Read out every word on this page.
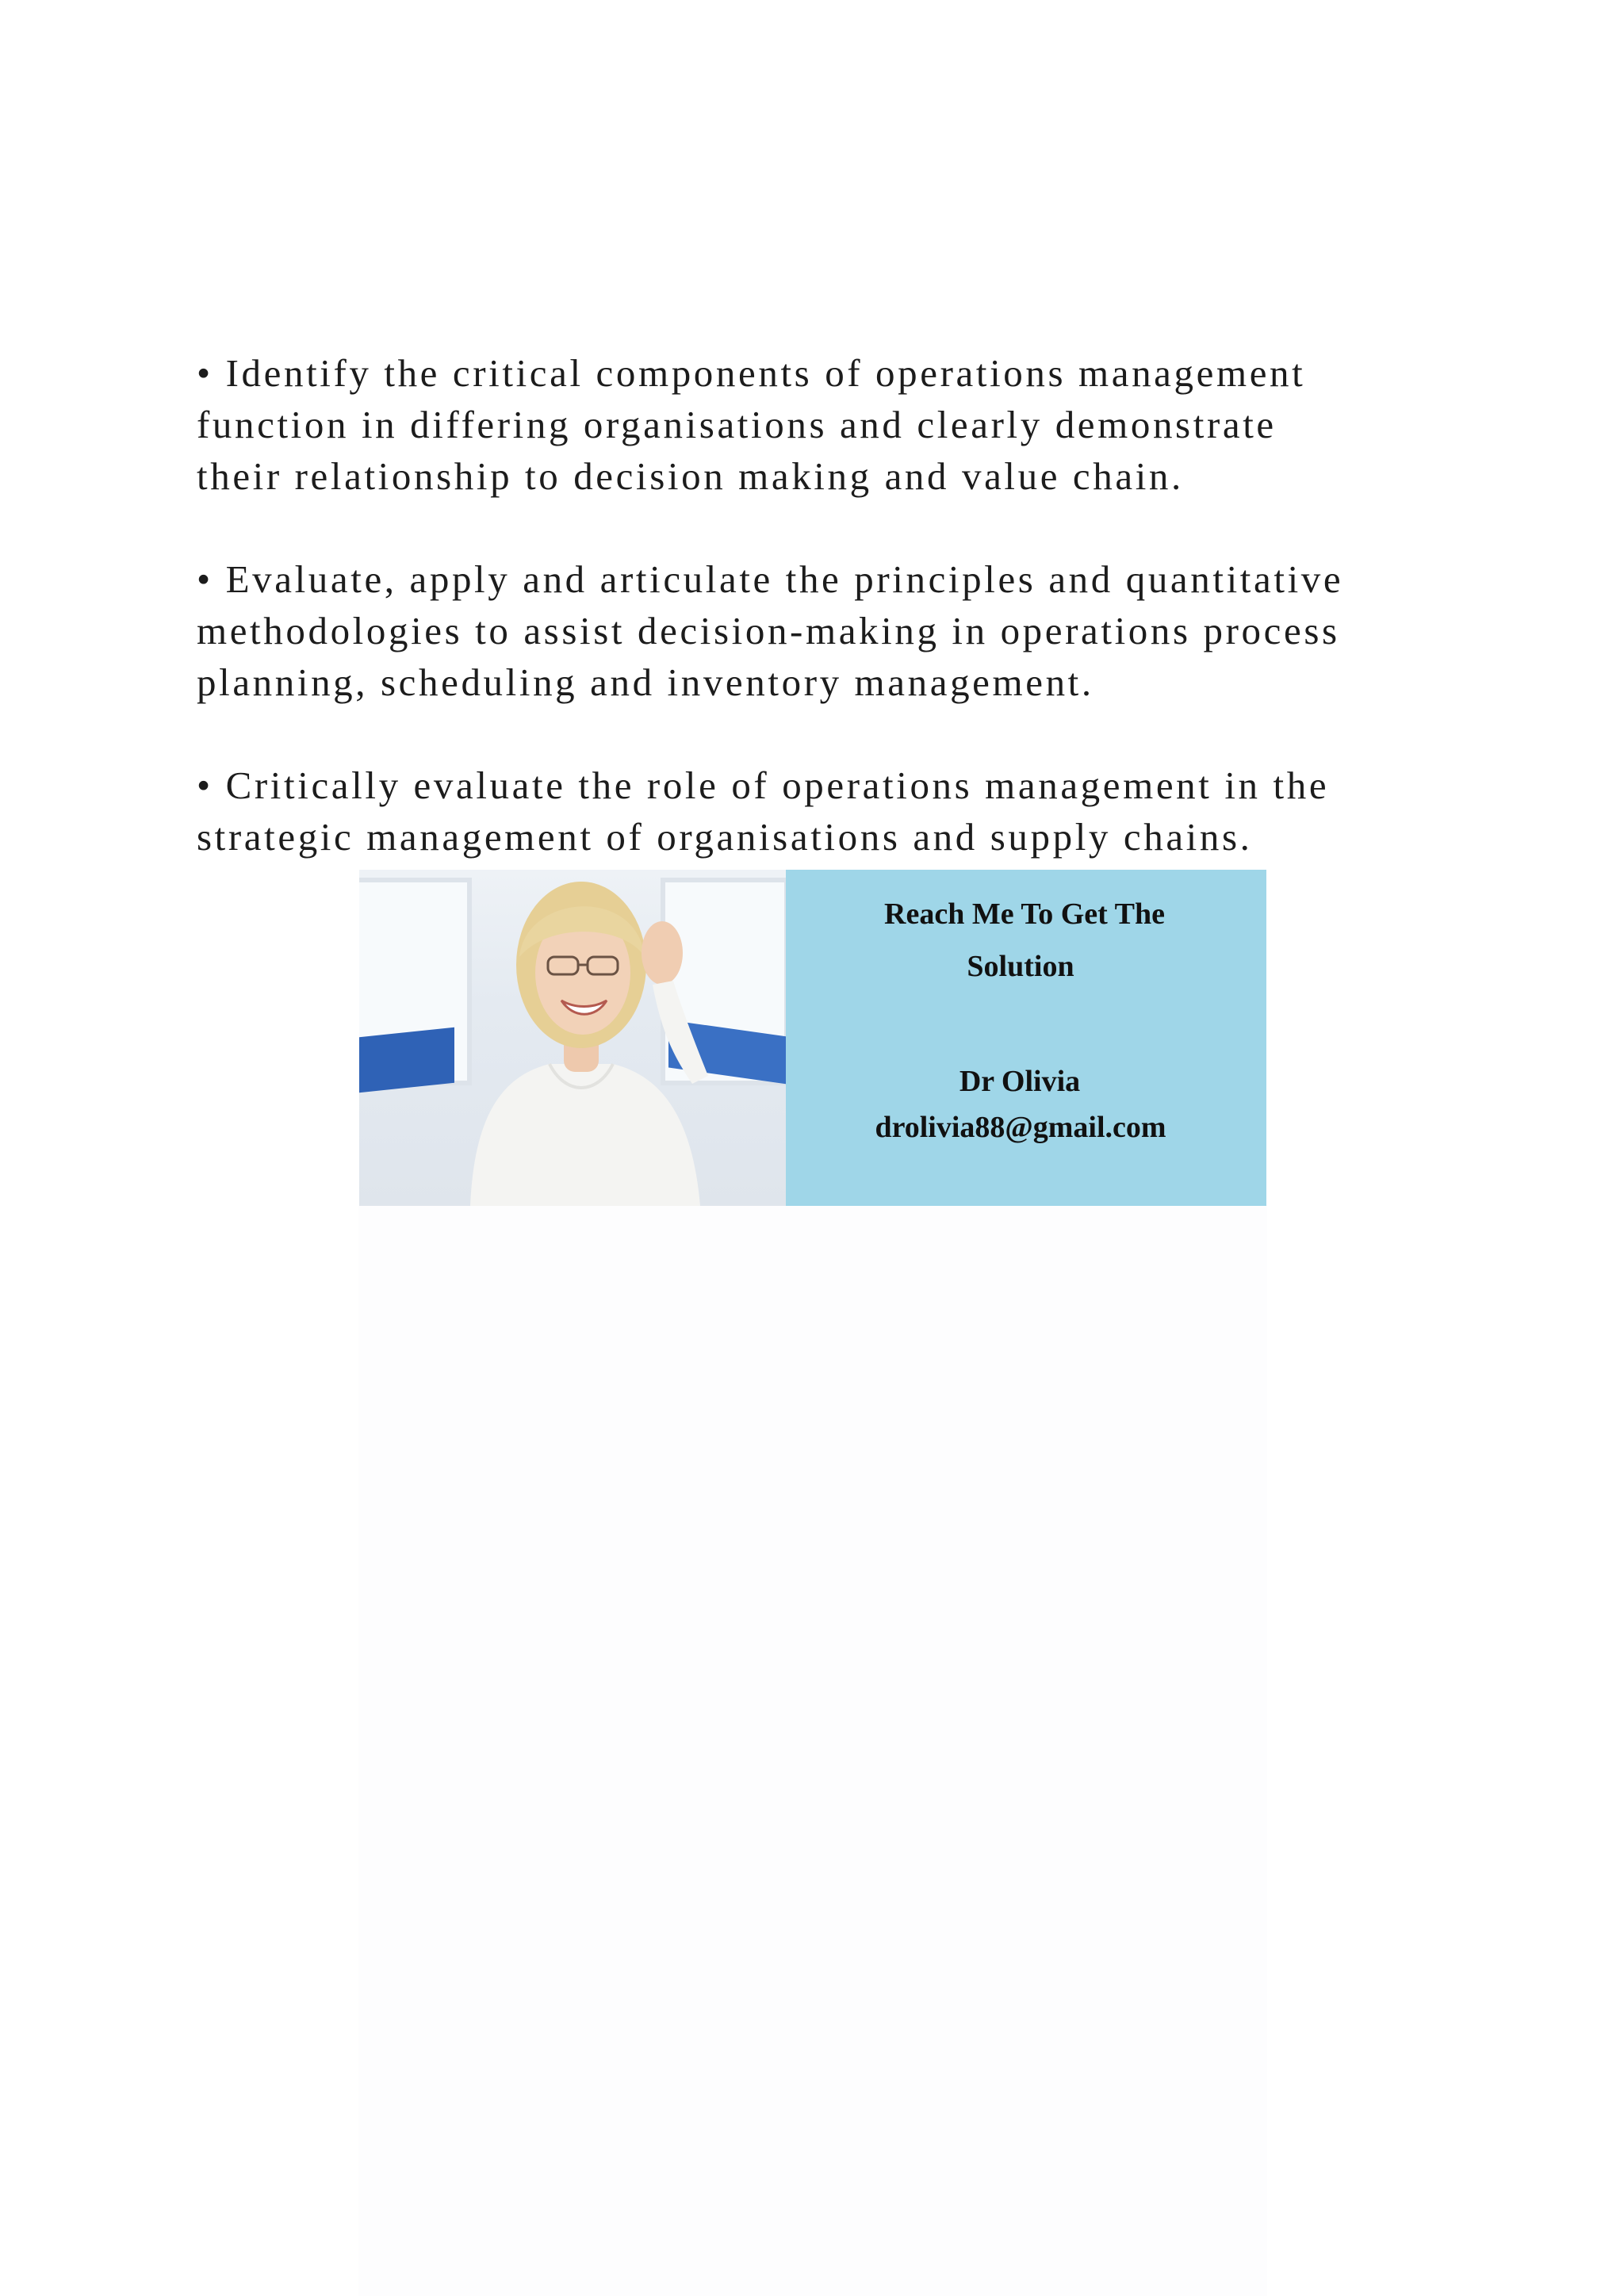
• Identify the critical components of operations management
function in differing organisations and clearly demonstrate
their relationship to decision making and value chain.

• Evaluate, apply and articulate the principles and quantitative
methodologies to assist decision-making in operations process
planning, scheduling and inventory management.

• Critically evaluate the role of operations management in the
strategic management of organisations and supply chains.

Reach Me To Get The
Solution
Dr Olivia
drolivia88@gmail.com
